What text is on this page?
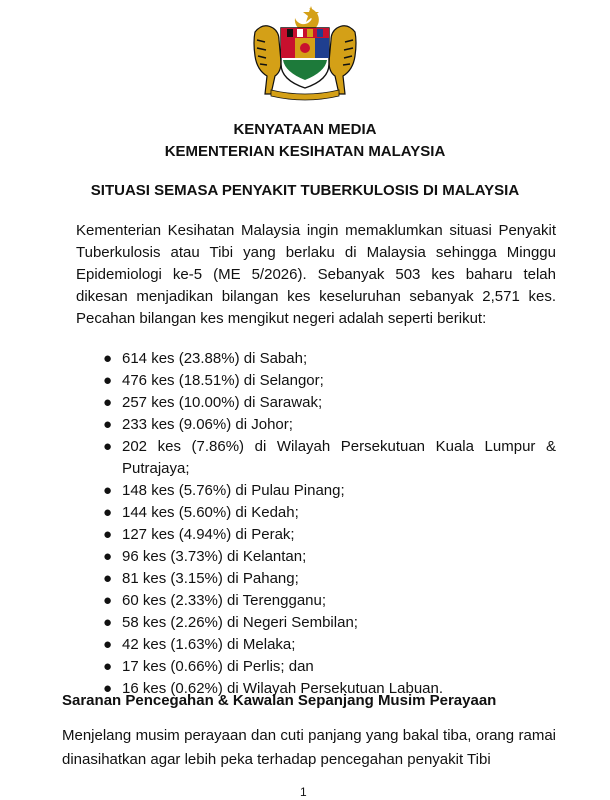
KENYATAAN MEDIA
KEMENTERIAN KESIHATAN MALAYSIA
SITUASI SEMASA PENYAKIT TUBERKULOSIS DI MALAYSIA

Kementerian Kesihatan Malaysia ingin memaklumkan situasi Penyakit Tuberkulosis atau Tibi yang berlaku di Malaysia sehingga Minggu Epidemiologi ke-5 (ME 5/2026). Sebanyak 503 kes baharu telah dikesan menjadikan bilangan kes keseluruhan sebanyak 2,571 kes. Pecahan bilangan kes mengikut negeri adalah seperti berikut:

● 614 kes (23.88%) di Sabah;
● 476 kes (18.51%) di Selangor;
● 257 kes (10.00%) di Sarawak;
● 233 kes (9.06%) di Johor;
● 202 kes (7.86%) di Wilayah Persekutuan Kuala Lumpur & Putrajaya;
● 148 kes (5.76%) di Pulau Pinang;
● 144 kes (5.60%) di Kedah;
● 127 kes (4.94%) di Perak;
● 96 kes (3.73%) di Kelantan;
● 81 kes (3.15%) di Pahang;
● 60 kes (2.33%) di Terengganu;
● 58 kes (2.26%) di Negeri Sembilan;
● 42 kes (1.63%) di Melaka;
● 17 kes (0.66%) di Perlis; dan
● 16 kes (0.62%) di Wilayah Persekutuan Labuan.
Saranan Pencegahan & Kawalan Sepanjang Musim Perayaan

Menjelang musim perayaan dan cuti panjang yang bakal tiba, orang ramai dinasihatkan agar lebih peka terhadap pencegahan penyakit Tibi

1
